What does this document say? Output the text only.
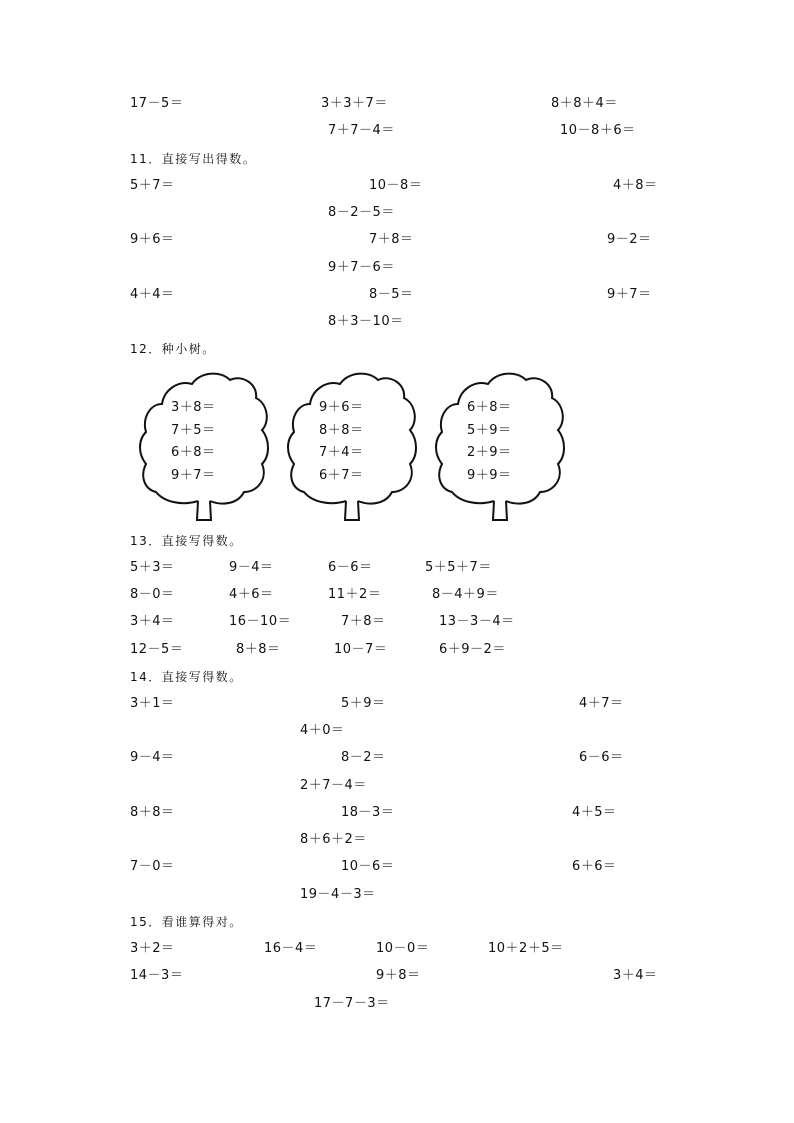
17－5＝	3＋3＋7＝	8＋8＋4＝
7＋7－4＝	10－8＋6＝
11．直接写出得数。
5＋7＝	10－8＝	4＋8＝
8－2－5＝
9＋6＝	7＋8＝	9－2＝
9＋7－6＝
4＋4＝	8－5＝	9＋7＝
8＋3－10＝
12．种小树。
3＋8＝
7＋5＝
6＋8＝
9＋7＝
9＋6＝
8＋8＝
7＋4＝
6＋7＝
6＋8＝
5＋9＝
2＋9＝
9＋9＝
13．直接写得数。
5＋3＝	9－4＝	6－6＝	5＋5＋7＝
8－0＝	4＋6＝	11＋2＝	8－4＋9＝
3＋4＝	16－10＝	7＋8＝	13－3－4＝
12－5＝	8＋8＝	10－7＝	6＋9－2＝
14．直接写得数。
3＋1＝	5＋9＝	4＋7＝
4＋0＝
9－4＝	8－2＝	6－6＝
2＋7－4＝
8＋8＝	18－3＝	4＋5＝
8＋6＋2＝
7－0＝	10－6＝	6＋6＝
19－4－3＝
15．看谁算得对。
3＋2＝	16－4＝	10－0＝	10＋2＋5＝
14－3＝	9＋8＝	3＋4＝
17－7－3＝
